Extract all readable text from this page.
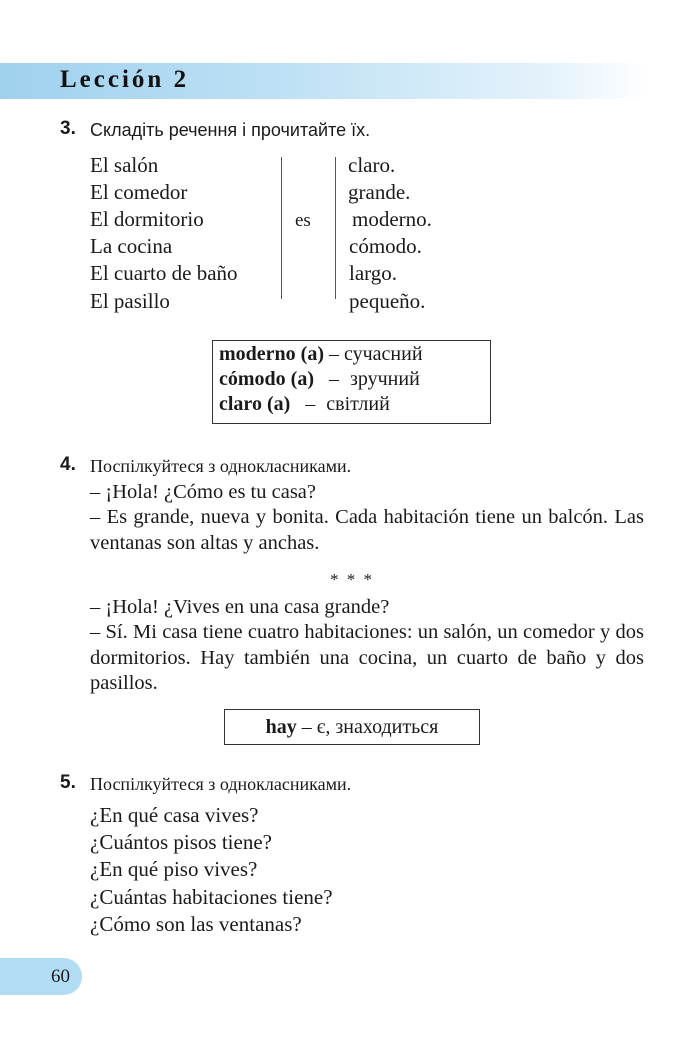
Lección 2
3. Складіть речення і прочитайте їх.
El salón
El comedor
El dormitorio
La cocina
El cuarto de baño
El pasillo
es
claro.
grande.
moderno.
cómodo.
largo.
pequeño.
moderno (a) – сучасний
cómodo (a) – зручний
claro (a) – світлий
4. Поспілкуйтеся з однокласниками.
– ¡Hola! ¿Cómo es tu casa?
– Es grande, nueva y bonita. Cada habitación tiene un balcón. Las ventanas son altas y anchas.
* * *
– ¡Hola! ¿Vives en una casa grande?
– Sí. Mi casa tiene cuatro habitaciones: un salón, un comedor y dos dormitorios. Hay también una cocina, un cuarto de baño y dos pasillos.
hay
– є, знаходиться
5. Поспілкуйтеся з однокласниками.
¿En qué casa vives?
¿Cuántos pisos tiene?
¿En qué piso vives?
¿Cuántas habitaciones tiene?
¿Cómo son las ventanas?
60
